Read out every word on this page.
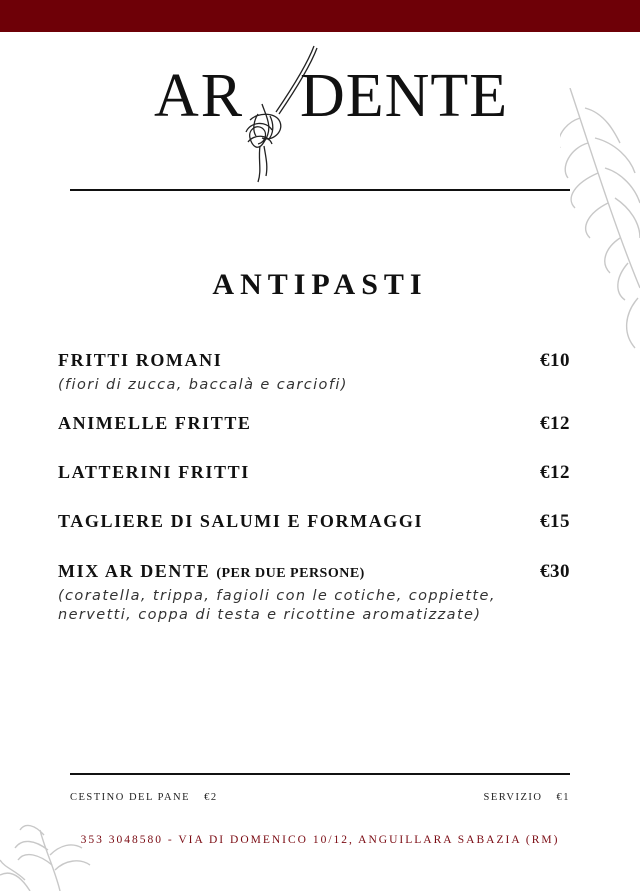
AR DENTE
ANTIPASTI
FRITTI ROMANI	€10
(fiori di zucca, baccalà e carciofi)
ANIMELLE FRITTE	€12
LATTERINI FRITTI	€12
TAGLIERE DI SALUMI E FORMAGGI	€15
MIX AR DENTE (PER DUE PERSONE)	€30
(coratella, trippa, fagioli con le cotiche, coppiette, nervetti, coppa di testa e ricottine aromatizzate)
CESTINO DEL PANE €2	SERVIZIO €1
353 3048580 - VIA DI DOMENICO 10/12, ANGUILLARA SABAZIA (RM)
